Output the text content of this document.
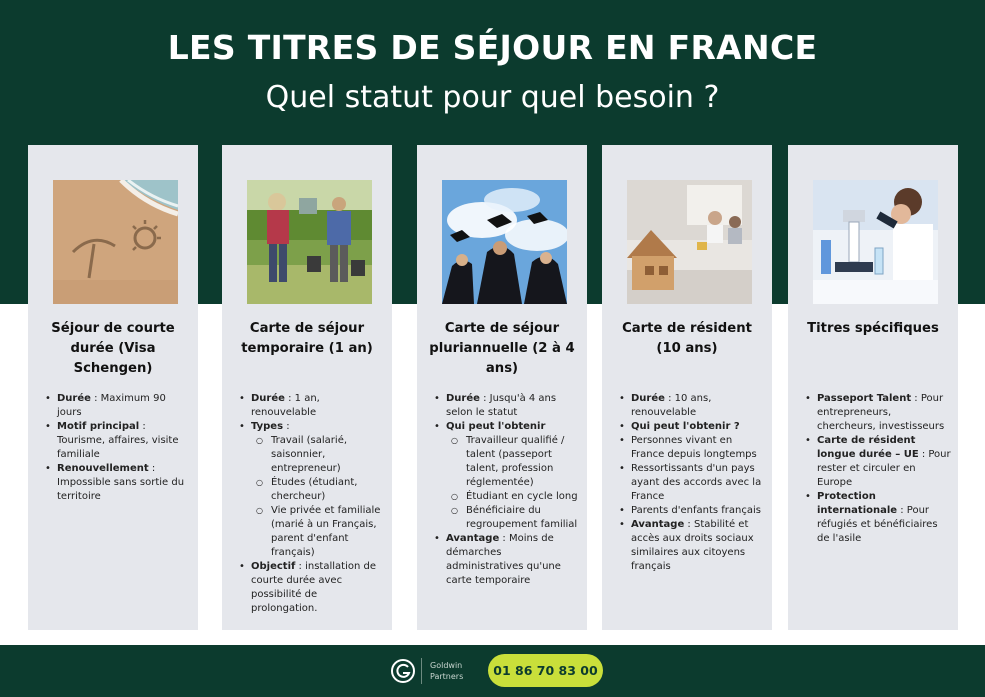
LES TITRES DE SÉJOUR EN FRANCE
Quel statut pour quel besoin ?
Séjour de courte durée (Visa Schengen)
• Durée : Maximum 90 jours
• Motif principal : Tourisme, affaires, visite familiale
• Renouvellement : Impossible sans sortie du territoire
Carte de séjour temporaire (1 an)
• Durée : 1 an, renouvelable
• Types :
○ Travail (salarié, saisonnier, entrepreneur)
○ Études (étudiant, chercheur)
○ Vie privée et familiale (marié à un Français, parent d'enfant français)
• Objectif : installation de courte durée avec possibilité de prolongation.
Carte de séjour pluriannuelle (2 à 4 ans)
• Durée : Jusqu'à 4 ans selon le statut
• Qui peut l'obtenir
○ Travailleur qualifié / talent (passeport talent, profession réglementée)
○ Étudiant en cycle long
○ Bénéficiaire du regroupement familial
• Avantage : Moins de démarches administratives qu'une carte temporaire
Carte de résident (10 ans)
• Durée : 10 ans, renouvelable
• Qui peut l'obtenir ?
• Personnes vivant en France depuis longtemps
• Ressortissants d'un pays ayant des accords avec la France
• Parents d'enfants français
• Avantage : Stabilité et accès aux droits sociaux similaires aux citoyens français
Titres spécifiques
• Passeport Talent : Pour entrepreneurs, chercheurs, investisseurs
• Carte de résident longue durée – UE : Pour rester et circuler en Europe
• Protection internationale : Pour réfugiés et bénéficiaires de l'asile
Goldwin
Partners	01 86 70 83 00
